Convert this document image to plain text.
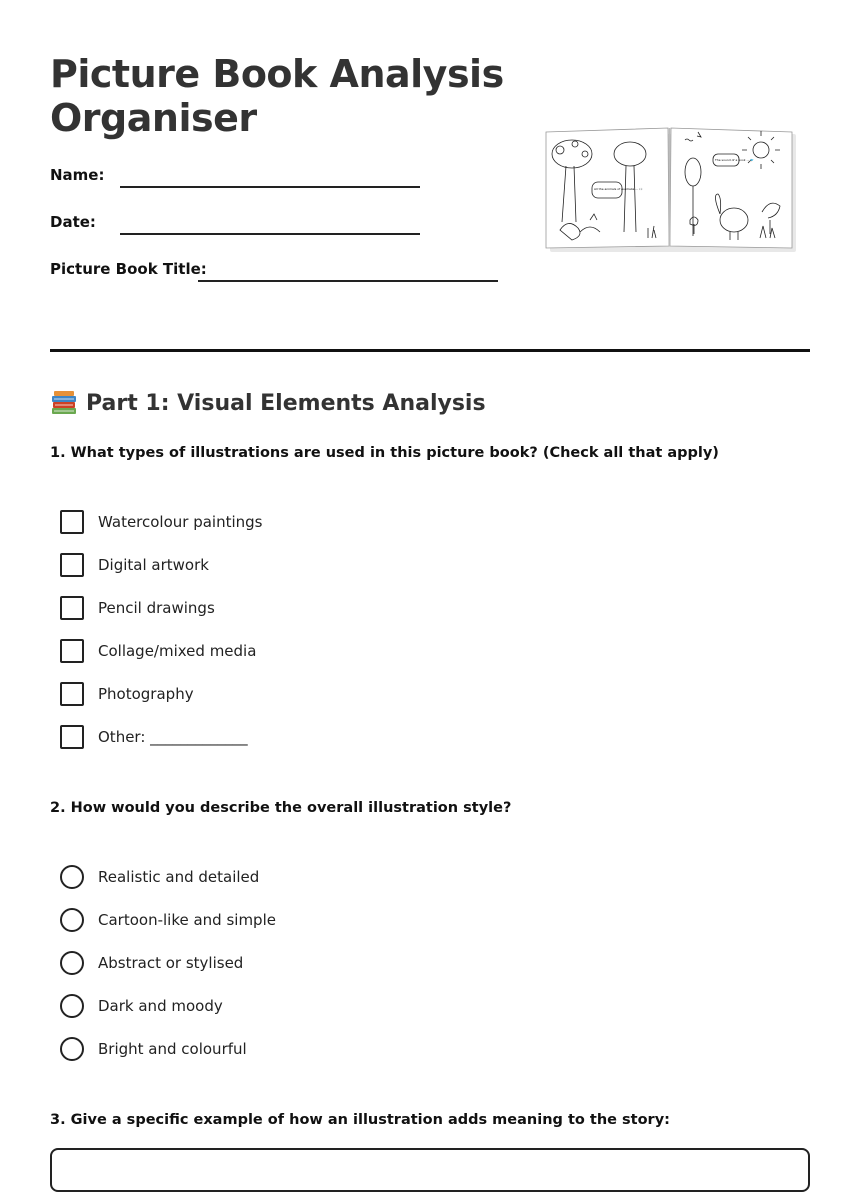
Picture Book Analysis Organiser
Name:
Date:
Picture Book Title:
All the animals of Australia ... 👀
The sound of a book ... 🐦
Part 1: Visual Elements Analysis

1. What types of illustrations are used in this picture book? (Check all that apply)

Watercolour paintings
Digital artwork
Pencil drawings
Collage/mixed media
Photography
Other: _____________

2. How would you describe the overall illustration style?

Realistic and detailed
Cartoon-like and simple
Abstract or stylised
Dark and moody
Bright and colourful

3. Give a specific example of how an illustration adds meaning to the story:
